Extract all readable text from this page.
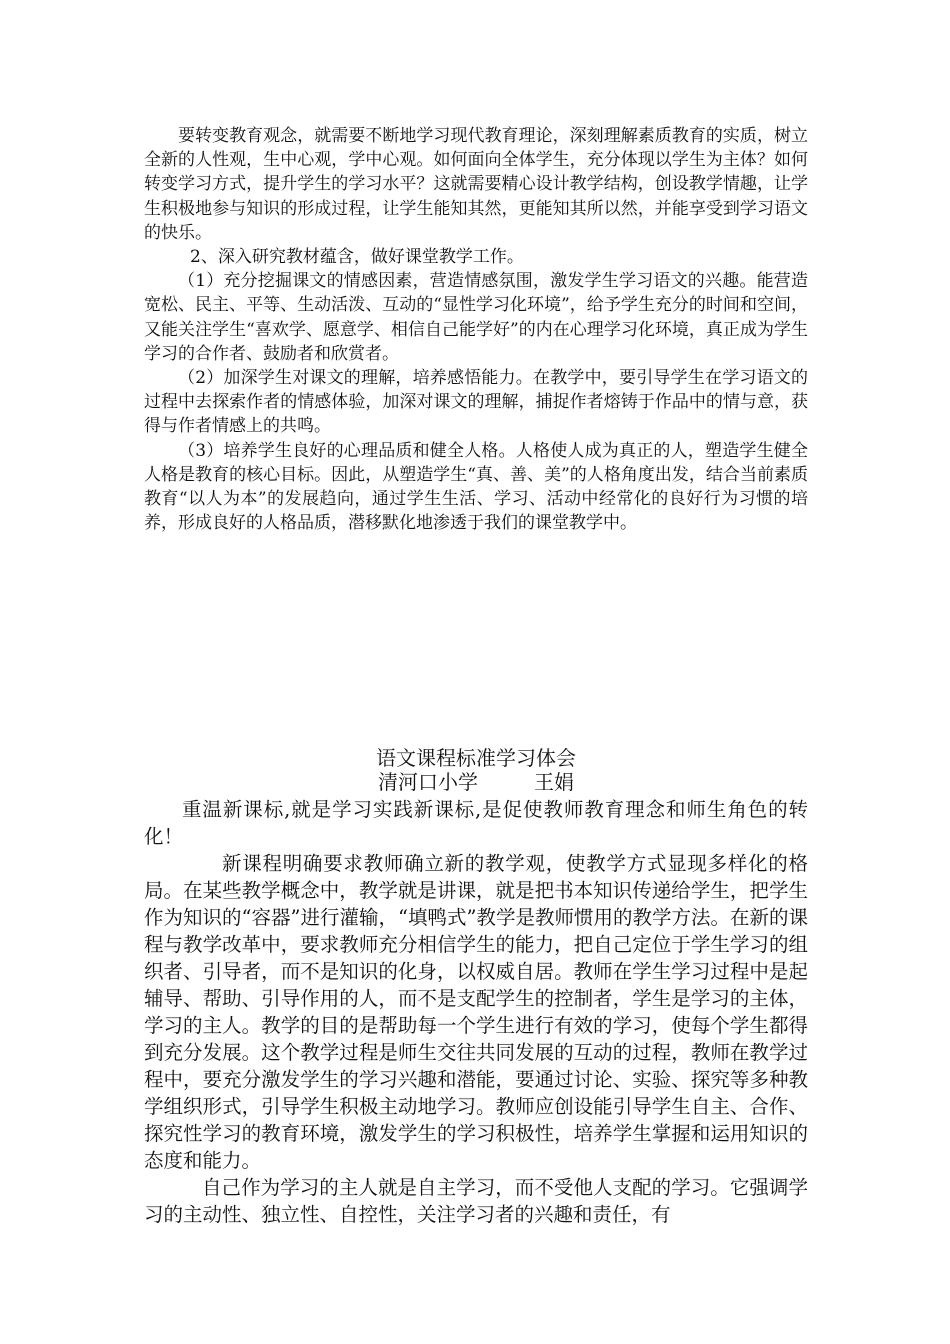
要转变教育观念，就需要不断地学习现代教育理论，深刻理解素质教育的实质，树立全新的人性观，生中心观，学中心观。如何面向全体学生，充分体现以学生为主体？如何转变学习方式，提升学生的学习水平？这就需要精心设计教学结构，创设教学情趣，让学生积极地参与知识的形成过程，让学生能知其然，更能知其所以然，并能享受到学习语文的快乐。

2、深入研究教材蕴含，做好课堂教学工作。

（1）充分挖掘课文的情感因素，营造情感氛围，激发学生学习语文的兴趣。能营造宽松、民主、平等、生动活泼、互动的“显性学习化环境”，给予学生充分的时间和空间，又能关注学生“喜欢学、愿意学、相信自己能学好”的内在心理学习化环境，真正成为学生学习的合作者、鼓励者和欣赏者。

（2）加深学生对课文的理解，培养感悟能力。在教学中，要引导学生在学习语文的过程中去探索作者的情感体验，加深对课文的理解，捕捉作者熔铸于作品中的情与意，获得与作者情感上的共鸣。

（3）培养学生良好的心理品质和健全人格。人格使人成为真正的人，塑造学生健全人格是教育的核心目标。因此，从塑造学生“真、善、美”的人格角度出发，结合当前素质教育“以人为本”的发展趋向，通过学生生活、学习、活动中经常化的良好行为习惯的培养，形成良好的人格品质，潜移默化地渗透于我们的课堂教学中。

语文课程标准学习体会

清河口小学	王娟

重温新课标,就是学习实践新课标,是促使教师教育理念和师生角色的转化！

新课程明确要求教师确立新的教学观，使教学方式显现多样化的格局。在某些教学概念中，教学就是讲课，就是把书本知识传递给学生，把学生作为知识的“容器”进行灌输，“填鸭式”教学是教师惯用的教学方法。在新的课程与教学改革中，要求教师充分相信学生的能力，把自己定位于学生学习的组织者、引导者，而不是知识的化身，以权威自居。教师在学生学习过程中是起辅导、帮助、引导作用的人，而不是支配学生的控制者，学生是学习的主体，学习的主人。教学的目的是帮助每一个学生进行有效的学习，使每个学生都得到充分发展。这个教学过程是师生交往共同发展的互动的过程，教师在教学过程中，要充分激发学生的学习兴趣和潜能，要通过讨论、实验、探究等多种教学组织形式，引导学生积极主动地学习。教师应创设能引导学生自主、合作、探究性学习的教育环境，激发学生的学习积极性，培养学生掌握和运用知识的态度和能力。

自己作为学习的主人就是自主学习，而不受他人支配的学习。它强调学习的主动性、独立性、自控性，关注学习者的兴趣和责任，有
